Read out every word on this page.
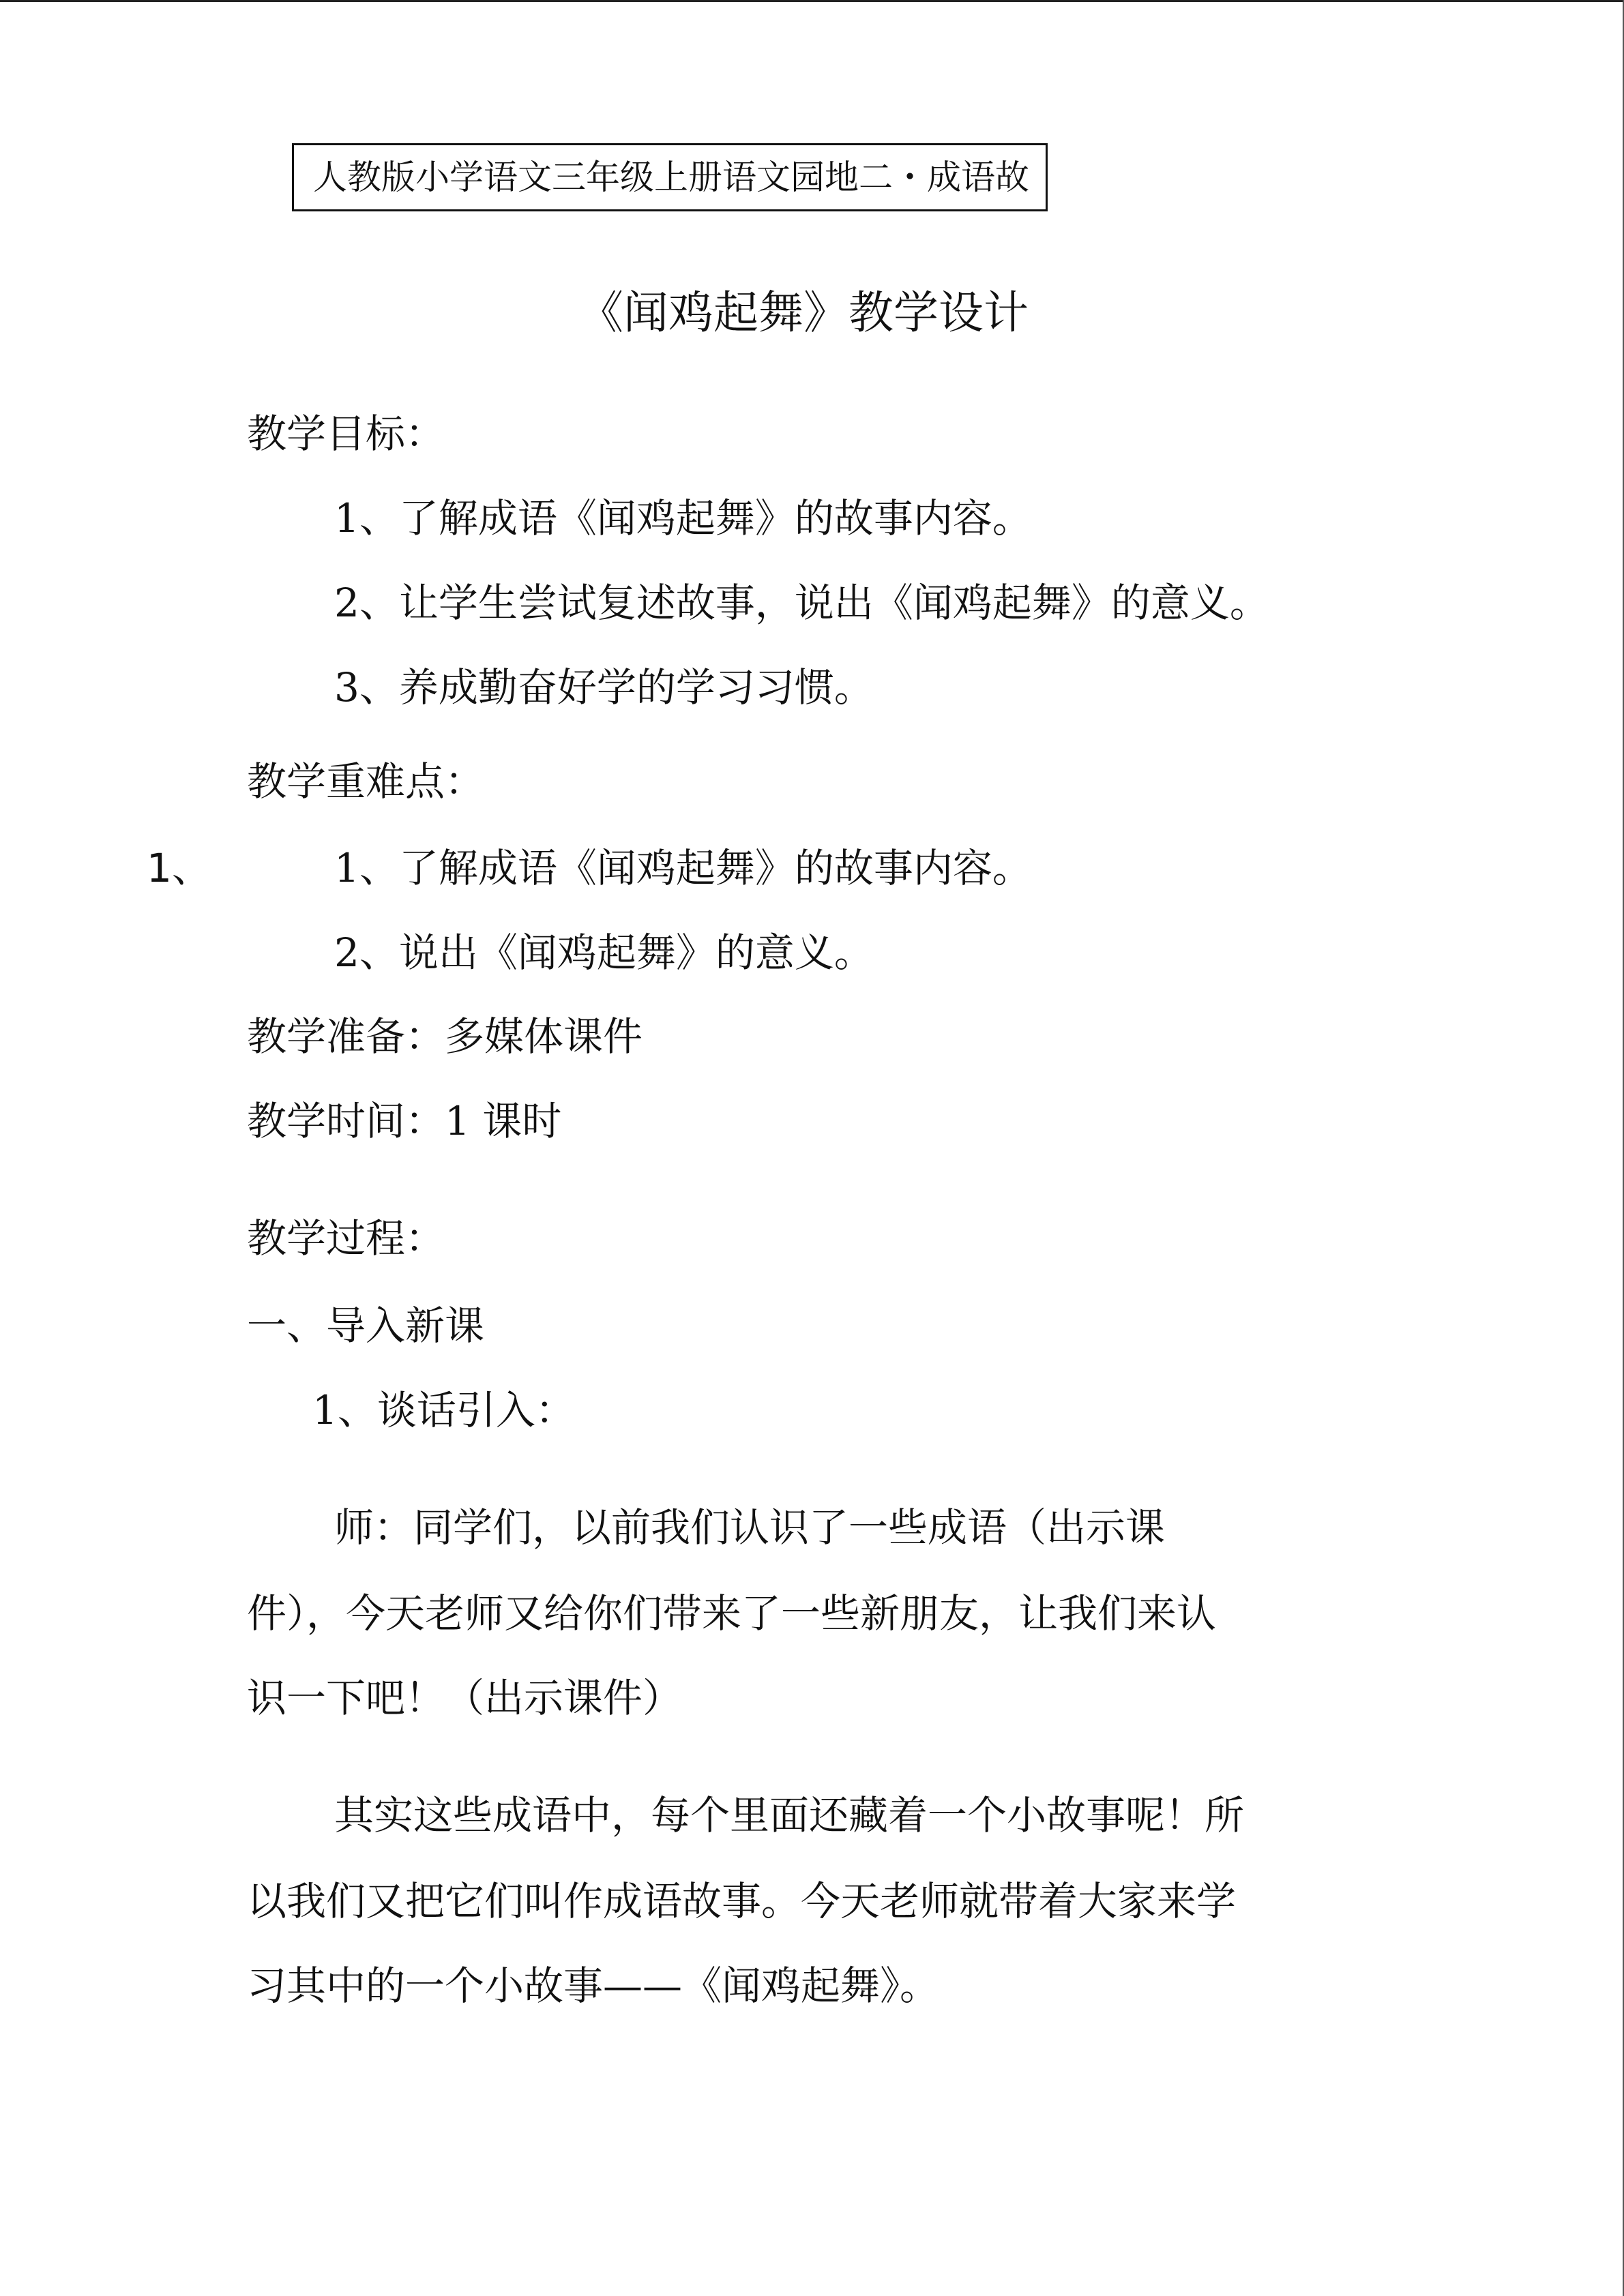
人教版小学语文三年级上册语文园地二・成语故
《闻鸡起舞》教学设计
教学目标：
1、了解成语《闻鸡起舞》的故事内容。
2、让学生尝试复述故事，说出《闻鸡起舞》的意义。
3、养成勤奋好学的学习习惯。
教学重难点：
1、	1、了解成语《闻鸡起舞》的故事内容。
2、说出《闻鸡起舞》的意义。
教学准备：多媒体课件
教学时间：1 课时
教学过程：
一、导入新课
1、谈话引入：
师：同学们，以前我们认识了一些成语（出示课
件），今天老师又给你们带来了一些新朋友，让我们来认
识一下吧！（出示课件）
其实这些成语中，每个里面还藏着一个小故事呢！所
以我们又把它们叫作成语故事。今天老师就带着大家来学
习其中的一个小故事——《闻鸡起舞》。
